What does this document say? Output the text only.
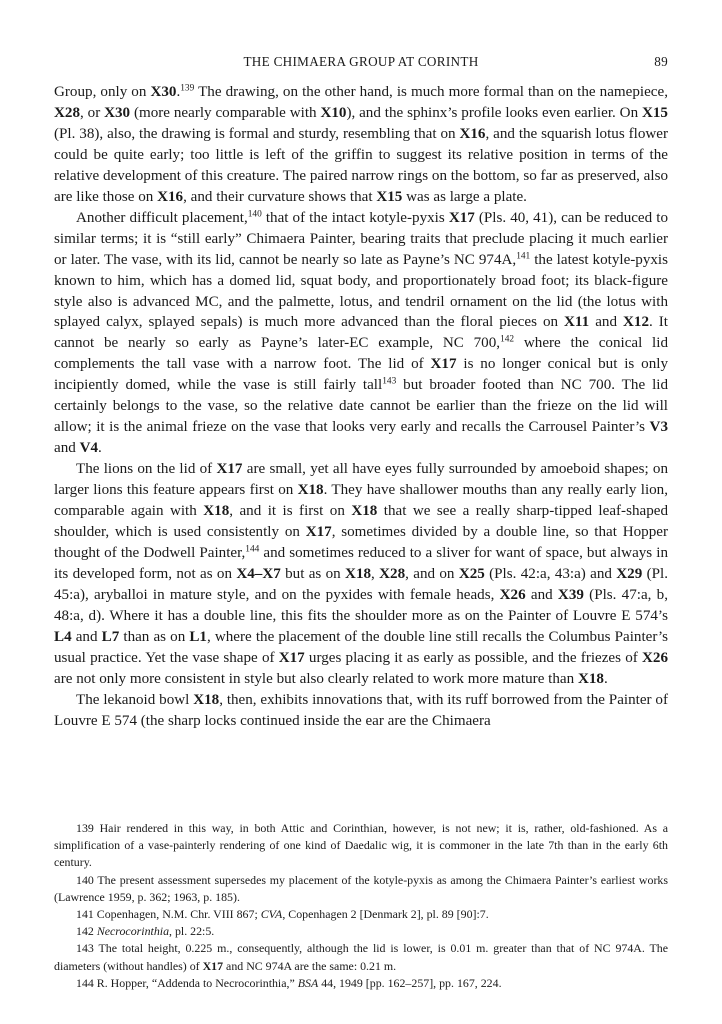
THE CHIMAERA GROUP AT CORINTH	89

Group, only on X30.$^{139}$ The drawing, on the other hand, is much more formal than on the namepiece, X28, or X30 (more nearly comparable with X10), and the sphinx’s profile looks even earlier. On X15 (Pl. 38), also, the drawing is formal and sturdy, resembling that on X16, and the squarish lotus flower could be quite early; too little is left of the griffin to suggest its relative position in terms of the relative development of this creature. The paired narrow rings on the bottom, so far as preserved, also are like those on X16, and their curvature shows that X15 was as large a plate.

Another difficult placement,$^{140}$ that of the intact kotyle-pyxis X17 (Pls. 40, 41), can be reduced to similar terms; it is “still early” Chimaera Painter, bearing traits that preclude placing it much earlier or later. The vase, with its lid, cannot be nearly so late as Payne’s NC 974A,$^{141}$ the latest kotyle-pyxis known to him, which has a domed lid, squat body, and proportionately broad foot; its black-figure style also is advanced MC, and the palmette, lotus, and tendril ornament on the lid (the lotus with splayed calyx, splayed sepals) is much more advanced than the floral pieces on X11 and X12. It cannot be nearly so early as Payne’s later-EC example, NC 700,$^{142}$ where the conical lid complements the tall vase with a narrow foot. The lid of X17 is no longer conical but is only incipiently domed, while the vase is still fairly tall$^{143}$ but broader footed than NC 700. The lid certainly belongs to the vase, so the relative date cannot be earlier than the frieze on the lid will allow; it is the animal frieze on the vase that looks very early and recalls the Carrousel Painter’s V3 and V4.

The lions on the lid of X17 are small, yet all have eyes fully surrounded by amoeboid shapes; on larger lions this feature appears first on X18. They have shallower mouths than any really early lion, comparable again with X18, and it is first on X18 that we see a really sharp-tipped leaf-shaped shoulder, which is used consistently on X17, sometimes divided by a double line, so that Hopper thought of the Dodwell Painter,$^{144}$ and sometimes reduced to a sliver for want of space, but always in its developed form, not as on X4–X7 but as on X18, X28, and on X25 (Pls. 42:a, 43:a) and X29 (Pl. 45:a), aryballoi in mature style, and on the pyxides with female heads, X26 and X39 (Pls. 47:a, b, 48:a, d). Where it has a double line, this fits the shoulder more as on the Painter of Louvre E 574’s L4 and L7 than as on L1, where the placement of the double line still recalls the Columbus Painter’s usual practice. Yet the vase shape of X17 urges placing it as early as possible, and the friezes of X26 are not only more consistent in style but also clearly related to work more mature than X18.

The lekanoid bowl X18, then, exhibits innovations that, with its ruff borrowed from the Painter of Louvre E 574 (the sharp locks continued inside the ear are the Chimaera

139 Hair rendered in this way, in both Attic and Corinthian, however, is not new; it is, rather, old-fashioned. As a simplification of a vase-painterly rendering of one kind of Daedalic wig, it is commoner in the late 7th than in the early 6th century.

140 The present assessment supersedes my placement of the kotyle-pyxis as among the Chimaera Painter’s earliest works (Lawrence 1959, p. 362; 1963, p. 185).

141 Copenhagen, N.M. Chr. VIII 867; CVA, Copenhagen 2 [Denmark 2], pl. 89 [90]:7.

142 Necrocorinthia, pl. 22:5.

143 The total height, 0.225 m., consequently, although the lid is lower, is 0.01 m. greater than that of NC 974A. The diameters (without handles) of X17 and NC 974A are the same: 0.21 m.

144 R. Hopper, “Addenda to Necrocorinthia,” BSA 44, 1949 [pp. 162–257], pp. 167, 224.
